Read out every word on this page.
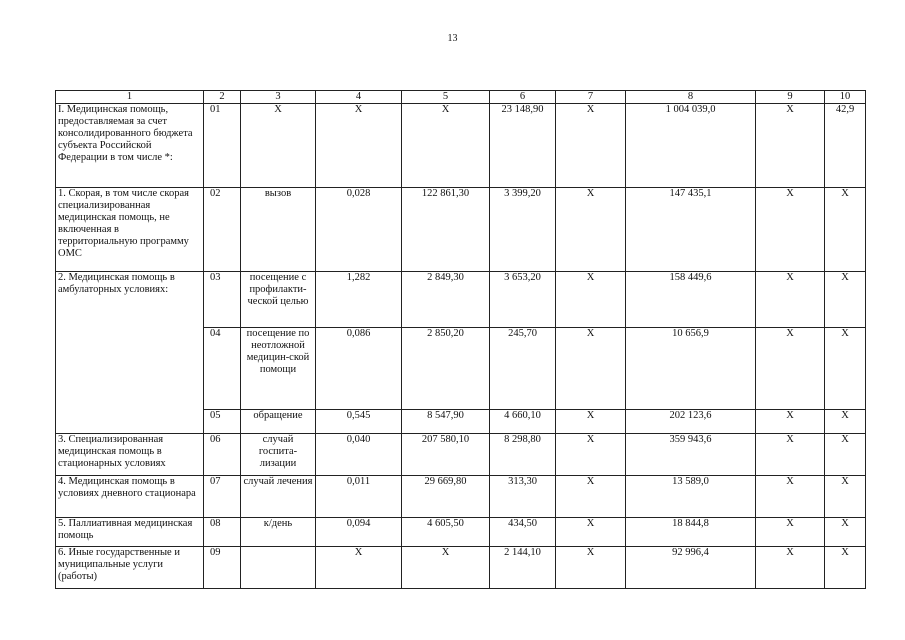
13
1	2	3	4	5	6	7	8	9	10
I. Медицинская помощь, предоставляемая за счет консолидированного бюджета субъекта Российской Федерации в том числе *:	01	X	X	X	23 148,90	X	1 004 039,0	X	42,9
1. Скорая, в том числе скорая специализированная медицинская помощь, не включенная в территориальную программу ОМС	02	вызов	0,028	122 861,30	3 399,20	X	147 435,1	X	X
2. Медицинская помощь в амбулаторных условиях:	03	посещение с профилакти-ческой целью	1,282	2 849,30	3 653,20	X	158 449,6	X	X
	04	посещение по неотложной медицин-ской помощи	0,086	2 850,20	245,70	X	10 656,9	X	X
	05	обращение	0,545	8 547,90	4 660,10	X	202 123,6	X	X
3. Специализированная медицинская помощь в стационарных условиях	06	случай госпита-лизации	0,040	207 580,10	8 298,80	X	359 943,6	X	X
4. Медицинская помощь в условиях дневного стационара	07	случай лечения	0,011	29 669,80	313,30	X	13 589,0	X	X
5. Паллиативная медицинская помощь	08	к/день	0,094	4 605,50	434,50	X	18 844,8	X	X
6. Иные государственные и муниципальные услуги (работы)	09		X	X	2 144,10	X	92 996,4	X	X
